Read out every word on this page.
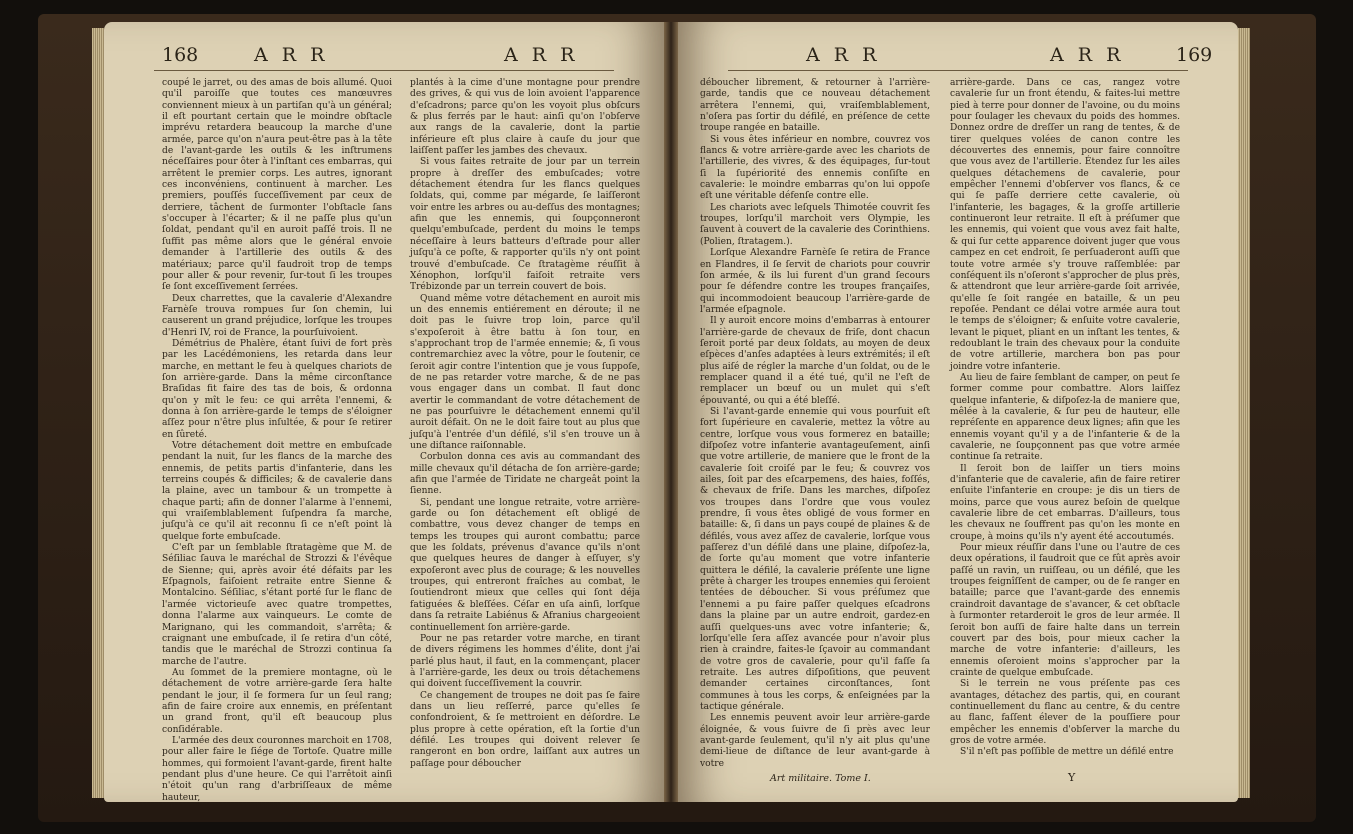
168	A R R	A R R

coupé le jarret, ou des amas de bois allumé. Quoi qu'il paroiſſe que toutes ces manœuvres conviennent mieux à un partiſan qu'à un général; il eſt pourtant certain que le moindre obſtacle imprévu retardera beaucoup la marche d'une armée, parce qu'on n'aura peut-être pas à la tête de l'avant-garde les outils & les inſtrumens néceſſaires pour ôter à l'inſtant ces embarras, qui arrêtent le premier corps. Les autres, ignorant ces inconvéniens, continuent à marcher. Les premiers, pouſſés ſucceſſivement par ceux de derriere, tâchent de ſurmonter l'obſtacle ſans s'occuper à l'écarter; & il ne paſſe plus qu'un ſoldat, pendant qu'il en auroit paſſé trois. Il ne ſuffit pas même alors que le général envoie demander à l'artillerie des outils & des matériaux; parce qu'il faudroit trop de temps pour aller & pour revenir, ſur-tout ſi les troupes ſe ſont exceſſivement ſerrées.

Deux charrettes, que la cavalerie d'Alexandre Farnèſe trouva rompues ſur ſon chemin, lui causerent un grand préjudice, lorſque les troupes d'Henri IV, roi de France, la pourſuivoient.

Démétrius de Phalère, étant ſuivi de fort près par les Lacédémoniens, les retarda dans leur marche, en mettant le feu à quelques chariots de ſon arrière-garde. Dans la même circonſtance Braſidas fit faire des tas de bois, & ordonna qu'on y mît le feu: ce qui arrêta l'ennemi, & donna à ſon arrière-garde le temps de s'éloigner aſſez pour n'être plus inſultée, & pour ſe retirer en ſûreté.

Votre détachement doit mettre en embuſcade pendant la nuit, ſur les flancs de la marche des ennemis, de petits partis d'infanterie, dans les terreins coupés & difficiles; & de cavalerie dans la plaine, avec un tambour & un trompette à chaque parti; afin de donner l'alarme à l'ennemi, qui vraiſemblablement ſuſpendra ſa marche, juſqu'à ce qu'il ait reconnu ſi ce n'eſt point là quelque forte embuſcade.

C'eſt par un ſemblable ſtratagème que M. de Séſiliac ſauva le maréchal de Strozzi & l'évêque de Sienne; qui, après avoir été défaits par les Eſpagnols, faiſoient retraite entre Sienne & Montalcino. Séſiliac, s'étant porté ſur le flanc de l'armée victorieuſe avec quatre trompettes, donna l'alarme aux vainqueurs. Le comte de Marignano, qui les commandoit, s'arrêta; & craignant une embuſcade, il ſe retira d'un côté, tandis que le maréchal de Strozzi continua ſa marche de l'autre.

Au ſommet de la premiere montagne, où le détachement de votre arrière-garde ſera halte pendant le jour, il ſe formera ſur un ſeul rang; afin de faire croire aux ennemis, en préſentant un grand front, qu'il eſt beaucoup plus conſidérable.

L'armée des deux couronnes marchoit en 1708, pour aller faire le ſiége de Tortoſe. Quatre mille hommes, qui formoient l'avant-garde, firent halte pendant plus d'une heure. Ce qui l'arrêtoit ainſi n'étoit qu'un rang d'arbriſſeaux de même hauteur,

plantés à la cime d'une montagne pour prendre des grives, & qui vus de loin avoient l'apparence d'eſcadrons; parce qu'on les voyoit plus obſcurs & plus ferrés par le haut: ainſi qu'on l'obſerve aux rangs de la cavalerie, dont la partie inférieure eſt plus claire à cauſe du jour que laiſſent paſſer les jambes des chevaux.

Si vous faites retraite de jour par un terrein propre à dreſſer des embuſcades; votre détachement étendra ſur les flancs quelques ſoldats, qui, comme par mégarde, ſe laiſſeront voir entre les arbres ou au-deſſus des montagnes; afin que les ennemis, qui ſoupçonneront quelqu'embuſcade, perdent du moins le temps néceſſaire à leurs batteurs d'eſtrade pour aller juſqu'à ce poſte, & rapporter qu'ils n'y ont point trouvé d'embuſcade. Ce ſtratagème réuſſit à Xénophon, lorſqu'il faiſoit retraite vers Trébizonde par un terrein couvert de bois.

Quand même votre détachement en auroit mis un des ennemis entiérement en déroute; il ne doit pas le ſuivre trop loin, parce qu'il s'expoſeroit à être battu à ſon tour, en s'approchant trop de l'armée ennemie; &, ſi vous contremarchiez avec la vôtre, pour le ſoutenir, ce ſeroit agir contre l'intention que je vous ſuppoſe, de ne pas retarder votre marche, & de ne pas vous engager dans un combat. Il faut donc avertir le commandant de votre détachement de ne pas pourſuivre le détachement ennemi qu'il auroit défait. On ne le doit faire tout au plus que juſqu'à l'entrée d'un défilé, s'il s'en trouve un à une diſtance raiſonnable.

Corbulon donna ces avis au commandant des mille chevaux qu'il détacha de ſon arrière-garde; afin que l'armée de Tiridate ne chargeât point la ſienne.

Si, pendant une longue retraite, votre arrière-garde ou ſon détachement eſt obligé de combattre, vous devez changer de temps en temps les troupes qui auront combattu; parce que les ſoldats, prévenus d'avance qu'ils n'ont que quelques heures de danger à eſſuyer, s'y expoſeront avec plus de courage; & les nouvelles troupes, qui entreront fraîches au combat, le ſoutiendront mieux que celles qui ſont déja fatiguées & bleſſées. Céſar en uſa ainſi, lorſque dans ſa retraite Labiénus & Afranius chargeoient continuellement ſon arrière-garde.

Pour ne pas retarder votre marche, en tirant de divers régimens les hommes d'élite, dont j'ai parlé plus haut, il faut, en la commençant, placer à l'arrière-garde, les deux ou trois détachemens qui doivent ſucceſſivement la couvrir.

Ce changement de troupes ne doit pas ſe faire dans un lieu reſſerré, parce qu'elles ſe confondroient, & ſe mettroient en déſordre. Le plus propre à cette opération, eſt la ſortie d'un défilé. Les troupes qui doivent relever ſe rangeront en bon ordre, laiſſant aux autres un paſſage pour déboucher

A R R	A R R	169

déboucher librement, & retourner à l'arrière-garde, tandis que ce nouveau détachement arrêtera l'ennemi, qui, vraiſemblablement, n'oſera pas ſortir du défilé, en préſence de cette troupe rangée en bataille.

Si vous êtes inférieur en nombre, couvrez vos flancs & votre arrière-garde avec les chariots de l'artillerie, des vivres, & des équipages, ſur-tout ſi la ſupériorité des ennemis conſiſte en cavalerie: le moindre embarras qu'on lui oppoſe eſt une véritable défenſe contre elle.

Les chariots avec leſquels Thimotée couvrit ſes troupes, lorſqu'il marchoit vers Olympie, les ſauvent à couvert de la cavalerie des Corinthiens. (Polien, ſtratagem.).

Lorſque Alexandre Farnèſe ſe retira de France en Flandres, il ſe ſervit de chariots pour couvrir ſon armée, & ils lui furent d'un grand ſecours pour ſe défendre contre les troupes françaiſes, qui incommodoient beaucoup l'arrière-garde de l'armée eſpagnole.

Il y auroit encore moins d'embarras à entourer l'arrière-garde de chevaux de friſe, dont chacun ſeroit porté par deux ſoldats, au moyen de deux eſpèces d'anſes adaptées à leurs extrémités; il eſt plus aiſé de régler la marche d'un ſoldat, ou de le remplacer quand il a été tué, qu'il ne l'eſt de remplacer un bœuf ou un mulet qui s'eſt épouvanté, ou qui a été bleſſé.

Si l'avant-garde ennemie qui vous pourſuit eſt fort ſupérieure en cavalerie, mettez la vôtre au centre, lorſque vous vous formerez en bataille; diſpoſez votre infanterie avantageuſement, ainſi que votre artillerie, de maniere que le front de la cavalerie ſoit croiſé par le feu; & couvrez vos ailes, ſoit par des eſcarpemens, des haies, foſſés, & chevaux de friſe. Dans les marches, diſpoſez vos troupes dans l'ordre que vous voulez prendre, ſi vous êtes obligé de vous former en bataille: &, ſi dans un pays coupé de plaines & de défilés, vous avez aſſez de cavalerie, lorſque vous paſſerez d'un défilé dans une plaine, diſpoſez-la, de ſorte qu'au moment que votre infanterie quittera le défilé, la cavalerie préſente une ligne prête à charger les troupes ennemies qui ſeroient tentées de déboucher. Si vous préſumez que l'ennemi a pu faire paſſer quelques eſcadrons dans la plaine par un autre endroit, gardez-en auſſi quelques-uns avec votre infanterie; &, lorſqu'elle ſera aſſez avancée pour n'avoir plus rien à craindre, faites-le ſçavoir au commandant de votre gros de cavalerie, pour qu'il faſſe ſa retraite. Les autres diſpoſitions, que peuvent demander certaines circonſtances, ſont communes à tous les corps, & enſeignées par la tactique générale.

Les ennemis peuvent avoir leur arrière-garde éloignée, & vous ſuivre de ſi près avec leur avant-garde ſeulement, qu'il n'y ait plus qu'une demi-lieue de diſtance de leur avant-garde à votre

arrière-garde. Dans ce cas, rangez votre cavalerie ſur un front étendu, & faites-lui mettre pied à terre pour donner de l'avoine, ou du moins pour ſoulager les chevaux du poids des hommes. Donnez ordre de dreſſer un rang de tentes, & de tirer quelques volées de canon contre les découvertes des ennemis, pour faire connoître que vous avez de l'artillerie. Étendez ſur les ailes quelques détachemens de cavalerie, pour empêcher l'ennemi d'obſerver vos flancs, & ce qui ſe paſſe derriere cette cavalerie, où l'infanterie, les bagages, & la groſſe artillerie continueront leur retraite. Il eſt à préſumer que les ennemis, qui voient que vous avez fait halte, & qui ſur cette apparence doivent juger que vous campez en cet endroit, ſe perſuaderont auſſi que toute votre armée s'y trouve raſſemblée: par conſéquent ils n'oſeront s'approcher de plus près, & attendront que leur arrière-garde ſoit arrivée, qu'elle ſe ſoit rangée en bataille, & un peu repoſée. Pendant ce délai votre armée aura tout le temps de s'éloigner; & enſuite votre cavalerie, levant le piquet, pliant en un inſtant les tentes, & redoublant le train des chevaux pour la conduite de votre artillerie, marchera bon pas pour joindre votre infanterie.

Au lieu de faire ſemblant de camper, on peut ſe former comme pour combattre. Alors laiſſez quelque infanterie, & diſpoſez-la de maniere que, mêlée à la cavalerie, & ſur peu de hauteur, elle repréſente en apparence deux lignes; afin que les ennemis voyant qu'il y a de l'infanterie & de la cavalerie, ne ſoupçonnent pas que votre armée continue ſa retraite.

Il ſeroit bon de laiſſer un tiers moins d'infanterie que de cavalerie, afin de faire retirer enſuite l'infanterie en croupe: je dis un tiers de moins, parce que vous aurez beſoin de quelque cavalerie libre de cet embarras. D'ailleurs, tous les chevaux ne ſouffrent pas qu'on les monte en croupe, à moins qu'ils n'y ayent été accoutumés.

Pour mieux réuſſir dans l'une ou l'autre de ces deux opérations, il faudroit que ce fût après avoir paſſé un ravin, un ruiſſeau, ou un défilé, que les troupes feignîſſent de camper, ou de ſe ranger en bataille; parce que l'avant-garde des ennemis craindroit davantage de s'avancer, & cet obſtacle à ſurmonter retarderoit le gros de leur armée. Il ſeroit bon auſſi de faire halte dans un terrein couvert par des bois, pour mieux cacher la marche de votre infanterie: d'ailleurs, les ennemis oſeroient moins s'approcher par la crainte de quelque embuſcade.

Si le terrein ne vous préſente pas ces avantages, détachez des partis, qui, en courant continuellement du flanc au centre, & du centre au flanc, faſſent élever de la pouſſiere pour empêcher les ennemis d'obſerver la marche du gros de votre armée.

S'il n'eſt pas poſſible de mettre un défilé entre

Art militaire. Tome I.	Y
